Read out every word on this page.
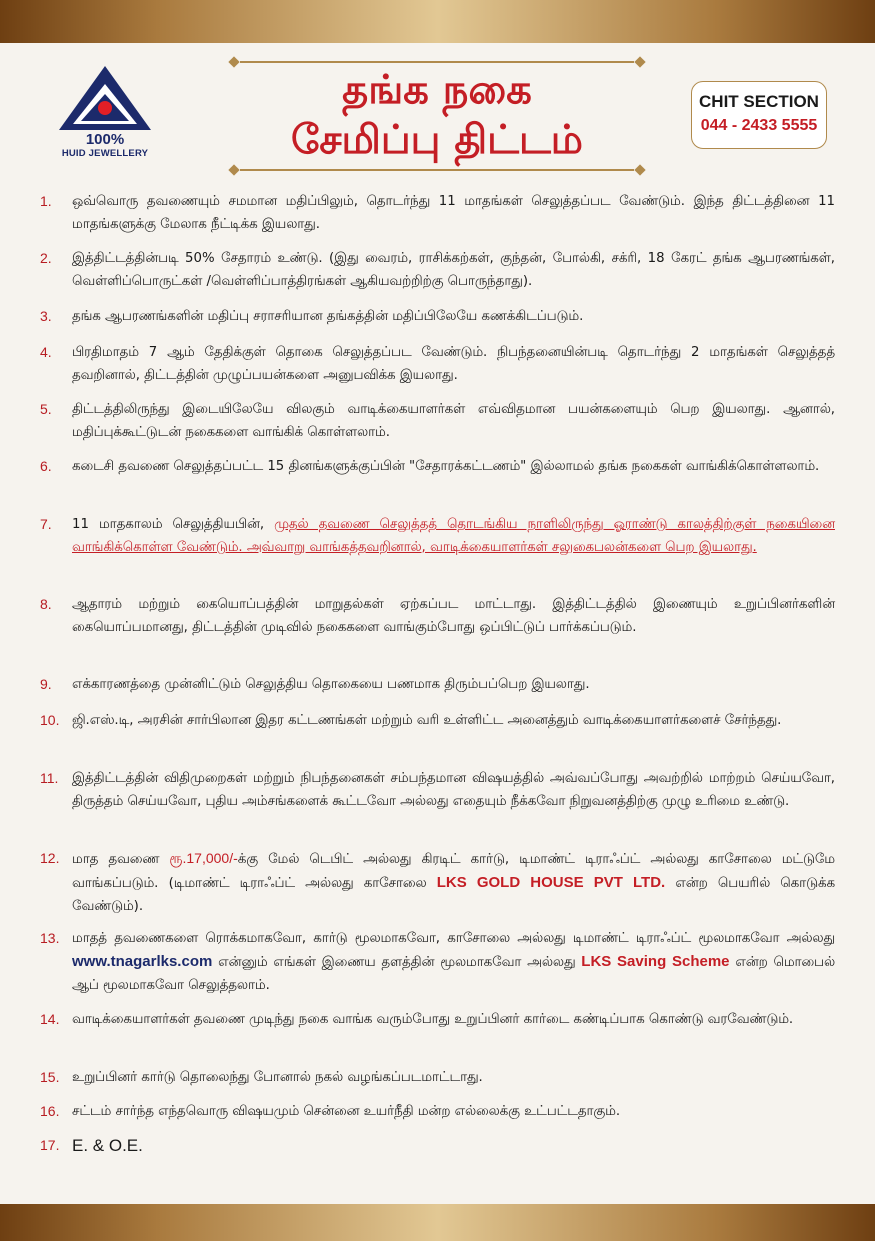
100%
HUID JEWELLERY
தங்க நகை
சேமிப்பு திட்டம்
CHIT SECTION
044 - 2433 5555
1.	ஒவ்வொரு தவணையும் சமமான மதிப்பிலும், தொடர்ந்து 11 மாதங்கள் செலுத்தப்பட வேண்டும். இந்த திட்டத்தினை 11 மாதங்களுக்கு மேலாக நீட்டிக்க இயலாது.
2.	இத்திட்டத்தின்படி 50% சேதாரம் உண்டு. (இது வைரம், ராசிக்கற்கள், குந்தன், போல்கி, சக்ரி, 18 கேரட் தங்க ஆபரணங்கள், வெள்ளிப்பொருட்கள் /வெள்ளிப்பாத்திரங்கள் ஆகியவற்றிற்கு பொருந்தாது).
3.	தங்க ஆபரணங்களின் மதிப்பு சராசரியான தங்கத்தின் மதிப்பிலேயே கணக்கிடப்படும்.
4.	பிரதிமாதம் 7 ஆம் தேதிக்குள் தொகை செலுத்தப்பட வேண்டும். நிபந்தனையின்படி தொடர்ந்து 2 மாதங்கள் செலுத்தத் தவறினால், திட்டத்தின் முழுப்பயன்களை அனுபவிக்க இயலாது.
5.	திட்டத்திலிருந்து இடையிலேயே விலகும் வாடிக்கையாளர்கள் எவ்விதமான பயன்களையும் பெற இயலாது. ஆனால், மதிப்புக்கூட்டுடன் நகைகளை வாங்கிக் கொள்ளலாம்.
6.	கடைசி தவணை செலுத்தப்பட்ட 15 தினங்களுக்குப்பின் "சேதாரக்கட்டணம்" இல்லாமல் தங்க நகைகள் வாங்கிக்கொள்ளலாம்.
7.	11 மாதகாலம் செலுத்தியபின், முதல் தவணை செலுத்தத் தொடங்கிய நாளிலிருந்து ஓராண்டு காலத்திற்குள் நகையினை வாங்கிக்கொள்ள வேண்டும். அவ்வாறு வாங்கத்தவறினால், வாடிக்கையாளர்கள் சலுகைபலன்களை பெற இயலாது.
8.	ஆதாரம் மற்றும் கையொப்பத்தின் மாறுதல்கள் ஏற்கப்பட மாட்டாது. இத்திட்டத்தில் இணையும் உறுப்பினர்களின் கையொப்பமானது, திட்டத்தின் முடிவில் நகைகளை வாங்கும்போது ஒப்பிட்டுப் பார்க்கப்படும்.
9.	எக்காரணத்தை முன்னிட்டும் செலுத்திய தொகையை பணமாக திரும்பப்பெற இயலாது.
10. ஜி.எஸ்.டி, அரசின் சார்பிலான இதர கட்டணங்கள் மற்றும் வரி உள்ளிட்ட அனைத்தும் வாடிக்கையாளர்களைச் சேர்ந்தது.
11.	இத்திட்டத்தின் விதிமுறைகள் மற்றும் நிபந்தனைகள் சம்பந்தமான விஷயத்தில் அவ்வப்போது அவற்றில் மாற்றம் செய்யவோ, திருத்தம் செய்யவோ, புதிய அம்சங்களைக் கூட்டவோ அல்லது எதையும் நீக்கவோ நிறுவனத்திற்கு முழு உரிமை உண்டு.
12. மாத தவணை ரூ.17,000/-க்கு மேல் டெபிட் அல்லது கிரடிட் கார்டு, டிமாண்ட் டிராஃப்ட் அல்லது காசோலை மட்டுமே வாங்கப்படும். (டிமாண்ட் டிராஃப்ட் அல்லது காசோலை LKS GOLD HOUSE PVT LTD. என்ற பெயரில் கொடுக்க வேண்டும்).
13. மாதத் தவணைகளை ரொக்கமாகவோ, கார்டு மூலமாகவோ, காசோலை அல்லது டிமாண்ட் டிராஃப்ட் மூலமாகவோ அல்லது www.tnagarlks.com என்னும் எங்கள் இணைய தளத்தின் மூலமாகவோ அல்லது LKS Saving Scheme என்ற மொபைல் ஆப் மூலமாகவோ செலுத்தலாம்.
14. வாடிக்கையாளர்கள் தவணை முடிந்து நகை வாங்க வரும்போது உறுப்பினர் கார்டை கண்டிப்பாக கொண்டு வரவேண்டும்.
15. உறுப்பினர் கார்டு தொலைந்து போனால் நகல் வழங்கப்படமாட்டாது.
16. சட்டம் சார்ந்த எந்தவொரு விஷயமும் சென்னை உயர்நீதி மன்ற எல்லைக்கு உட்பட்டதாகும்.
17. E. & O.E.
